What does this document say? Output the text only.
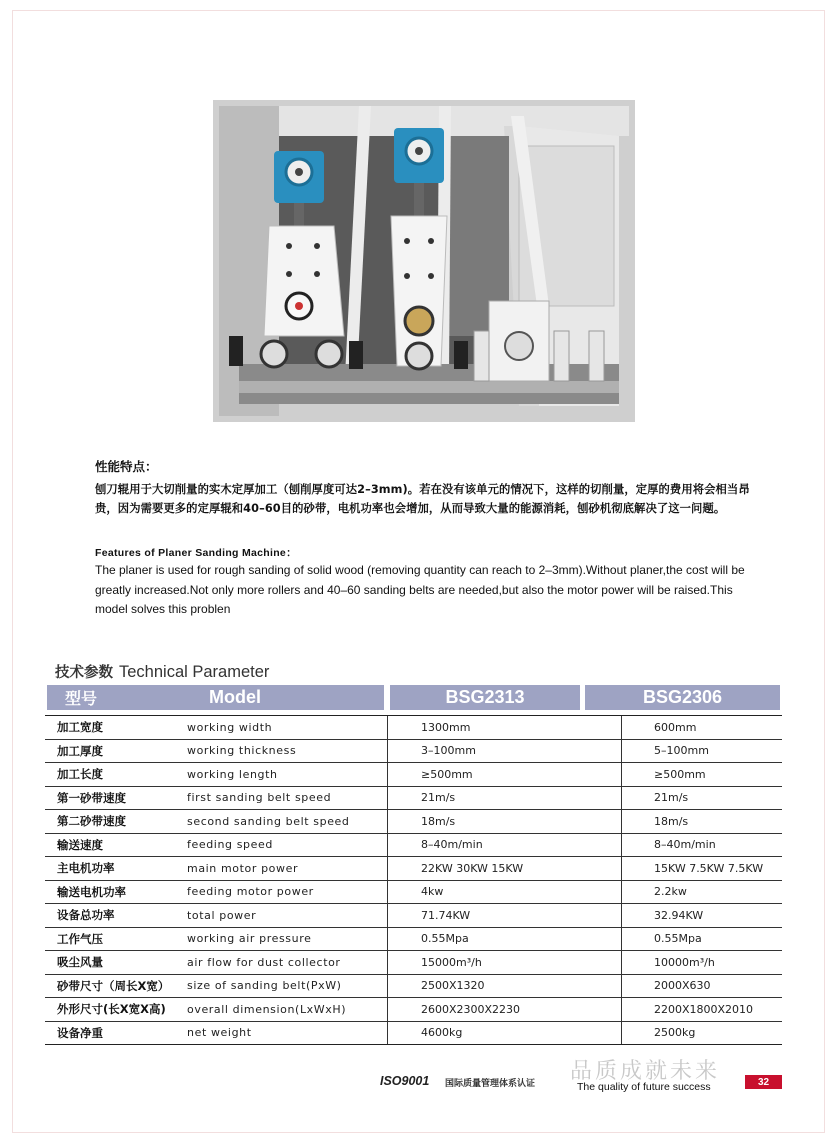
性能特点：
刨刀辊用于大切削量的实木定厚加工（刨削厚度可达2–3mm)。若在没有该单元的情况下，这样的切削量，定厚的费用将会相当昂贵，因为需要更多的定厚辊和40–60目的砂带，电机功率也会增加，从而导致大量的能源消耗，刨砂机彻底解决了这一问题。
Features of Planer Sanding Machine：
The planer is used for rough sanding of solid wood (removing quantity can reach to 2–3mm).Without planer,the cost will be greatly increased.Not only more rollers and 40–60 sanding belts are needed,but also the motor power will be raised.This model solves this problen
技术参数 Technical Parameter
型号	Model	BSG2313	BSG2306
加工宽度	working width	1300mm	600mm
加工厚度	working thickness	3–100mm	5–100mm
加工长度	working length	≥500mm	≥500mm
第一砂带速度	first sanding belt speed	21m/s	21m/s
第二砂带速度	second sanding belt speed	18m/s	18m/s
输送速度	feeding speed	8–40m/min	8–40m/min
主电机功率	main motor power	22KW 30KW 15KW	15KW 7.5KW 7.5KW
输送电机功率	feeding motor power	4kw	2.2kw
设备总功率	total power	71.74KW	32.94KW
工作气压	working air pressure	0.55Mpa	0.55Mpa
吸尘风量	air flow for dust collector	15000m³/h	10000m³/h
砂带尺寸（周长X宽）	size of sanding belt(PxW)	2500X1320	2000X630
外形尺寸(长X宽X高)	overall dimension(LxWxH)	2600X2300X2230	2200X1800X2010
设备净重	net weight	4600kg	2500kg
ISO9001 国际质量管理体系认证 品质成就未来
The quality of future success	32
